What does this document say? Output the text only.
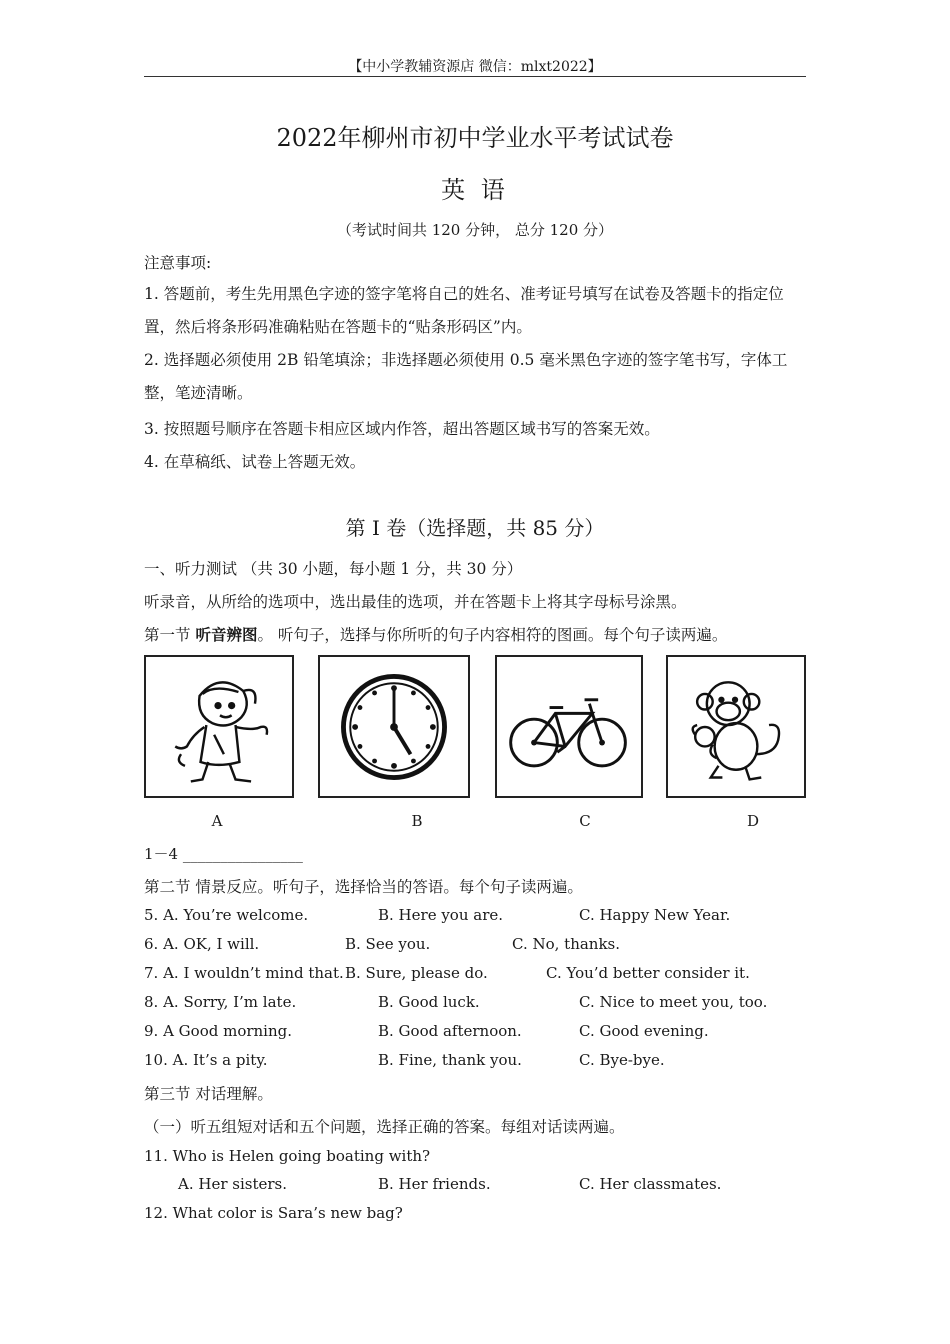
【中小学教辅资源店 微信：mlxt2022】
2022年柳州市初中学业水平考试试卷
英 语
（考试时间共 120 分钟， 总分 120 分）
注意事项:
1. 答题前，考生先用黑色字迹的签字笔将自己的姓名、准考证号填写在试卷及答题卡的指定位置，然后将条形码准确粘贴在答题卡的“贴条形码区”内。
2. 选择题必须使用 2B 铅笔填涂；非选择题必须使用 0.5 毫米黑色字迹的签字笔书写，字体工整，笔迹清晰。
3. 按照题号顺序在答题卡相应区域内作答，超出答题区域书写的答案无效。
4. 在草稿纸、试卷上答题无效。
第 I 卷（选择题，共 85 分）
一、听力测试 （共 30 小题，每小题 1 分，共 30 分）
听录音，从所给的选项中，选出最佳的选项，并在答题卡上将其字母标号涂黑。
第一节 听音辨图。 听句子，选择与你所听的句子内容相符的图画。每个句子读两遍。
A	B	C	D
1－4 ________________
第二节 情景反应。听句子，选择恰当的答语。每个句子读两遍。
5. A. You’re welcome.	B. Here you are.	C. Happy New Year.
6. A. OK, I will.	B. See you.	C. No, thanks.
7. A. I wouldn’t mind that. B. Sure, please do.	C. You’d better consider it.
8. A. Sorry, I’m late.	B. Good luck.	C. Nice to meet you, too.
9. A Good morning.	B. Good afternoon.	C. Good evening.
10. A. It’s a pity.	B. Fine, thank you.	C. Bye-bye.
第三节 对话理解。
（一）听五组短对话和五个问题，选择正确的答案。每组对话读两遍。
11. Who is Helen going boating with?
A. Her sisters.	B. Her friends.	C. Her classmates.
12. What color is Sara’s new bag?
